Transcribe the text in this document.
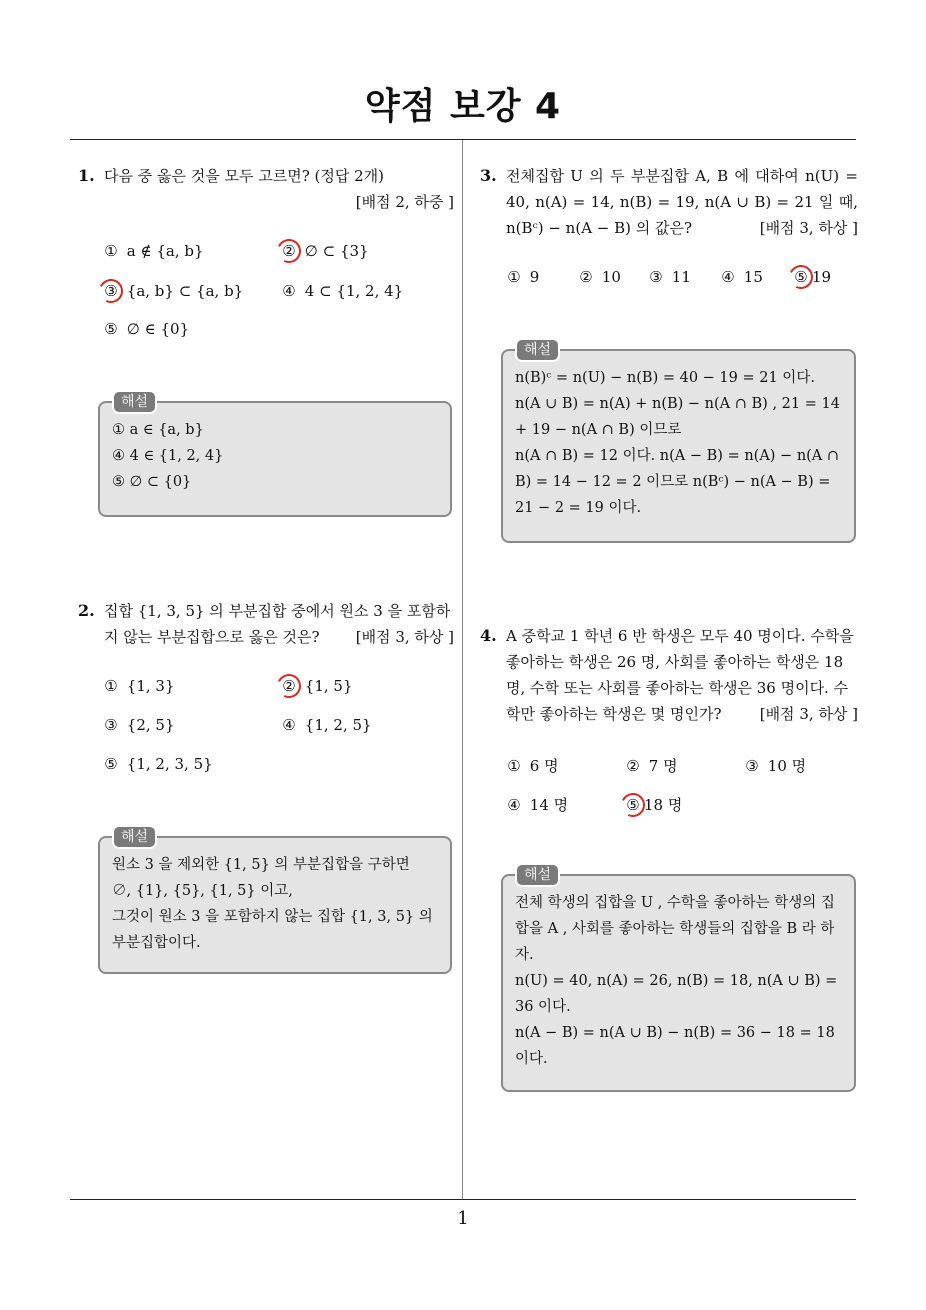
약점 보강 4
1
1. 다음 중 옳은 것을 모두 고르면? (정답 2개)
[배점 2, 하중 ]
① a ∉ {a, b}	② ∅ ⊂ {3}
③ {a, b} ⊂ {a, b}	④ 4 ⊂ {1, 2, 4}
⑤ ∅ ∈ {0}
해설

① a ∈ {a, b}

④ 4 ∈ {1, 2, 4}

⑤ ∅ ⊂ {0}

2. 집합 {1, 3, 5} 의 부분집합 중에서 원소 3 을 포함하지 않는 부분집합으로 옳은 것은?	[배점 3, 하상 ]
① {1, 3}	② {1, 5}
③ {2, 5}	④ {1, 2, 5}
⑤ {1, 2, 3, 5}
해설

원소 3 을 제외한 {1, 5} 의 부분집합을 구하면

∅, {1}, {5}, {1, 5} 이고,

그것이 원소 3 을 포함하지 않는 집합 {1, 3, 5} 의 부분집합이다.

3. 전체집합 U 의 두 부분집합 A, B 에 대하여 n(U) = 40, n(A) = 14, n(B) = 19, n(A ∪ B) = 21 일 때, n(Bᶜ) − n(A − B) 의 값은?	[배점 3, 하상 ]
① 9	② 10 ③ 11 ④ 15 ⑤ 19
해설

n(B)ᶜ = n(U) − n(B) = 40 − 19 = 21 이다.

n(A ∪ B) = n(A) + n(B) − n(A ∩ B) , 21 = 14 + 19 − n(A ∩ B) 이므로

n(A ∩ B) = 12 이다. n(A − B) = n(A) − n(A ∩ B) = 14 − 12 = 2 이므로 n(Bᶜ) − n(A − B) = 21 − 2 = 19 이다.

4. A 중학교 1 학년 6 반 학생은 모두 40 명이다. 수학을 좋아하는 학생은 26 명, 사회를 좋아하는 학생은 18 명, 수학 또는 사회를 좋아하는 학생은 36 명이다. 수학만 좋아하는 학생은 몇 명인가?	[배점 3, 하상 ]
① 6 명	② 7 명	③ 10 명
④ 14 명	⑤ 18 명
해설

전체 학생의 집합을 U , 수학을 좋아하는 학생의 집합을 A , 사회를 좋아하는 학생들의 집합을 B 라 하자.

n(U) = 40, n(A) = 26, n(B) = 18, n(A ∪ B) = 36 이다.

n(A − B) = n(A ∪ B) − n(B) = 36 − 18 = 18 이다.
